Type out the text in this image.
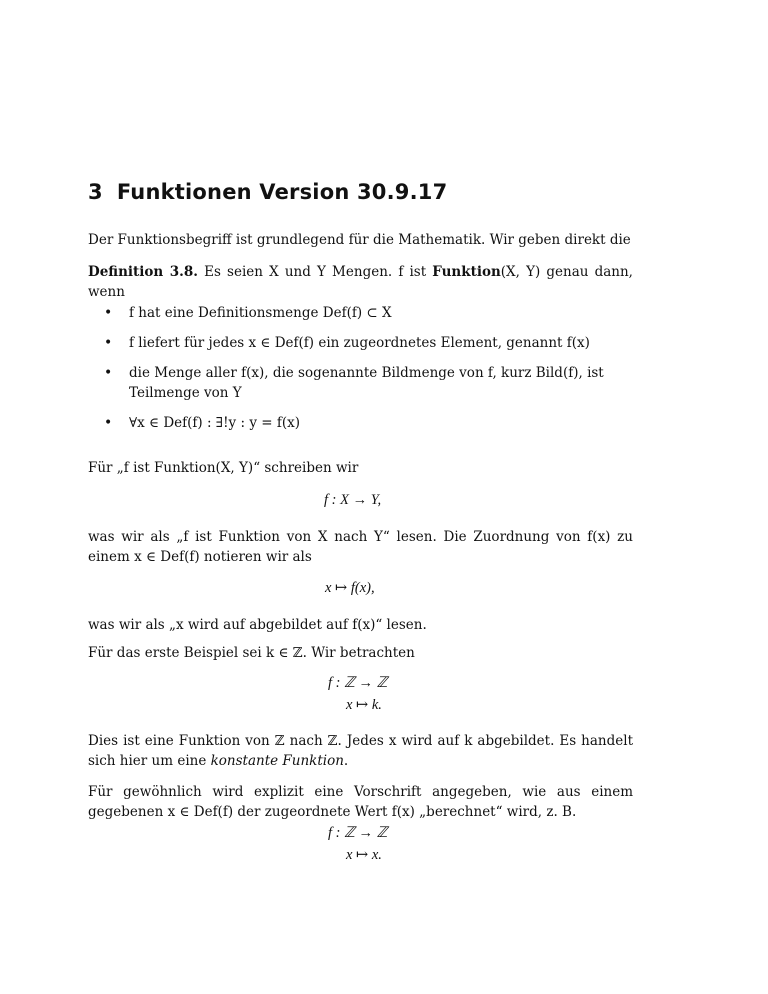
3 Funktionen Version 30.9.17
Der Funktionsbegriff ist grundlegend für die Mathematik. Wir geben direkt die
Definition 3.8. Es seien X und Y Mengen. f ist Funktion(X, Y) genau dann, wenn
• f hat eine Definitionsmenge Def(f) ⊂ X
• f liefert für jedes x ∈ Def(f) ein zugeordnetes Element, genannt f(x)
• die Menge aller f(x), die sogenannte Bildmenge von f, kurz Bild(f), ist Teilmenge von Y
• ∀x ∈ Def(f) : ∃!y : y = f(x)
Für „f ist Funktion(X, Y)“ schreiben wir
f : X → Y,
was wir als „f ist Funktion von X nach Y“ lesen. Die Zuordnung von f(x) zu einem x ∈ Def(f) notieren wir als
x ↦ f(x),
was wir als „x wird auf abgebildet auf f(x)“ lesen.
Für das erste Beispiel sei k ∈ ℤ. Wir betrachten
f : ℤ → ℤ
x ↦ k.
Dies ist eine Funktion von ℤ nach ℤ. Jedes x wird auf k abgebildet. Es handelt sich hier um eine konstante Funktion.
Für gewöhnlich wird explizit eine Vorschrift angegeben, wie aus einem gegebenen x ∈ Def(f) der zugeordnete Wert f(x) „berechnet“ wird, z. B.
f : ℤ → ℤ
x ↦ x.
